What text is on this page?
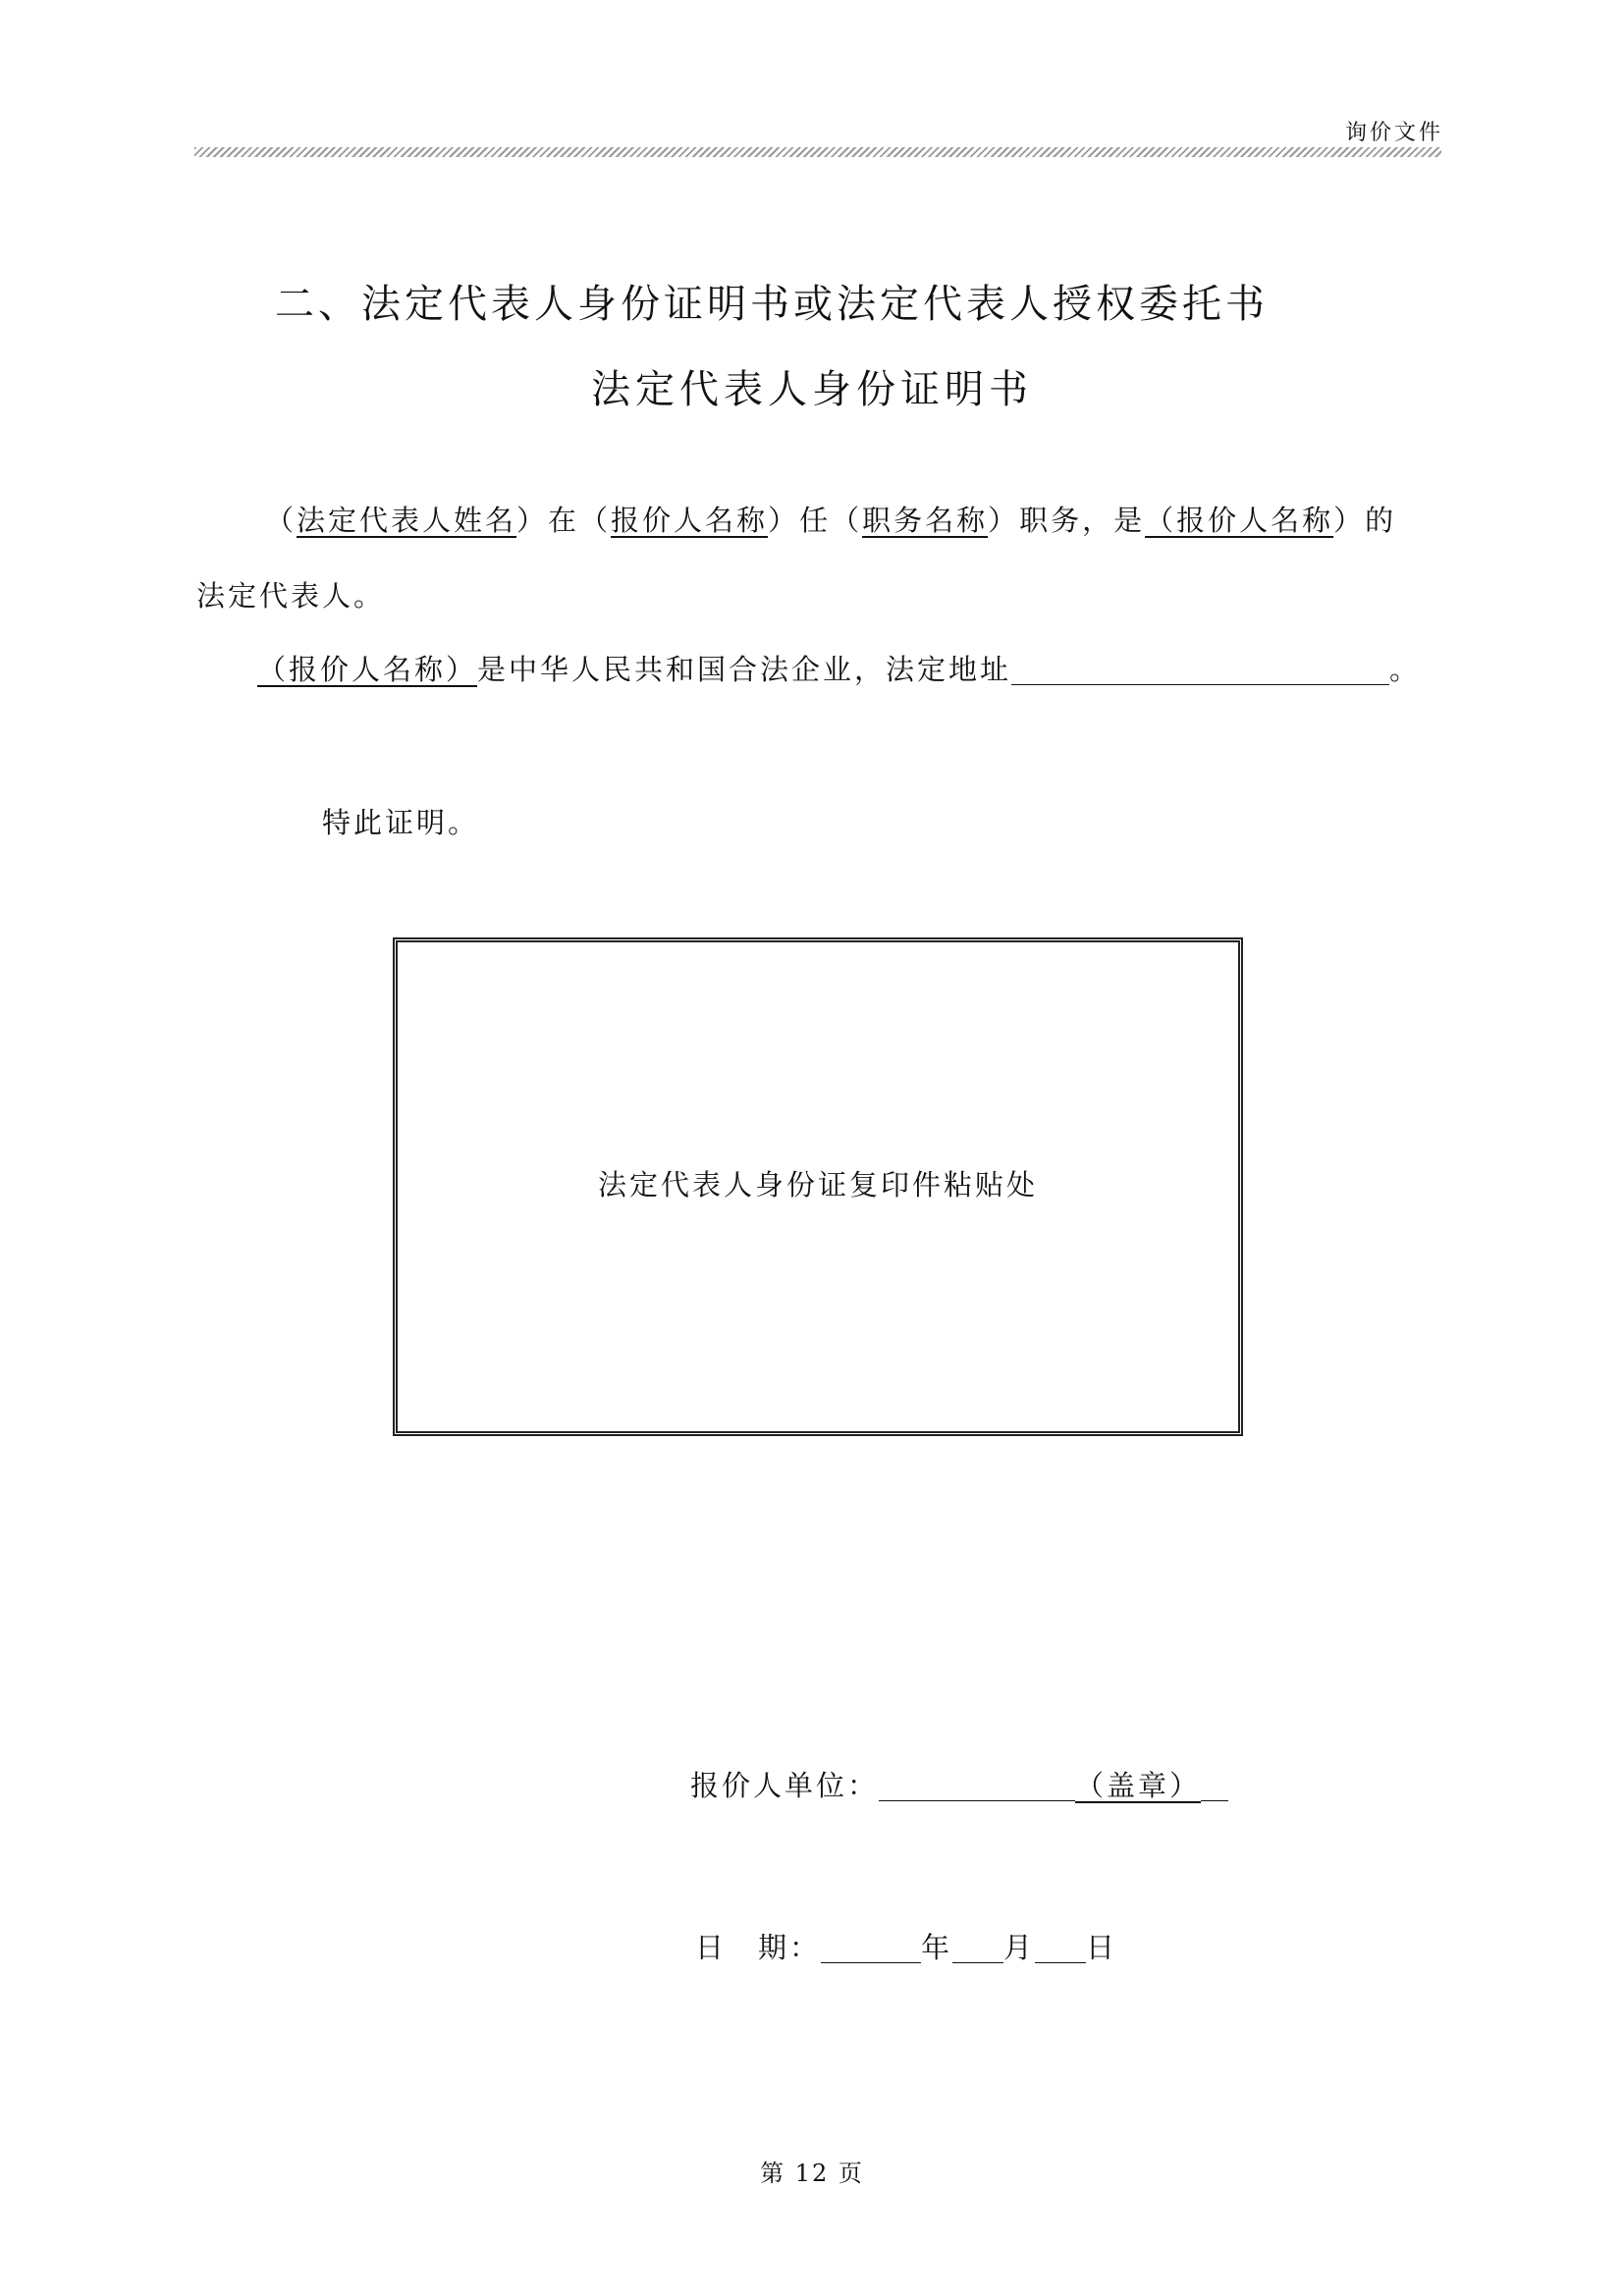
询价文件
二、法定代表人身份证明书或法定代表人授权委托书
法定代表人身份证明书
（法定代表人姓名）在（报价人名称）任（职务名称）职务，是（报价人名称）的
法定代表人。
（报价人名称）是中华人民共和国合法企业，法定地址	。
特此证明。
法定代表人身份证复印件粘贴处
报价人单位：	（盖章）
日　期：	年 月 日
第 12 页
